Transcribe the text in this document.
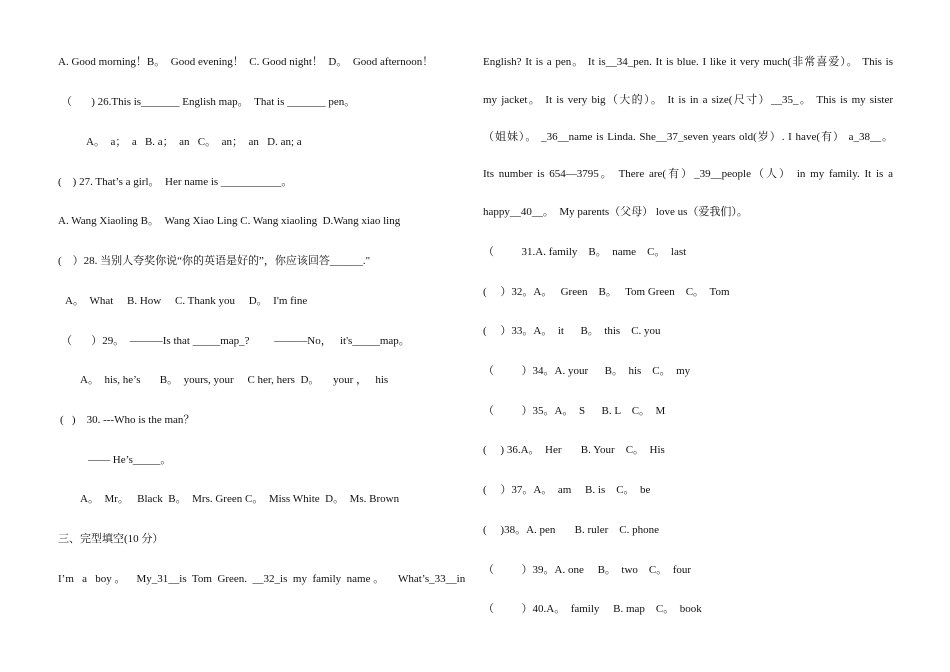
A. Good morning！B。  Good evening！  C. Good night！  D。  Good afternoon！
（       ) 26.This is_______ English map。  That is _______ pen。
A。  a；  a   B. a；  an   C。  an；  an   D. an; a
(    ) 27. That’s a girl。  Her name is ___________。
A. Wang Xiaoling B。  Wang Xiao Ling C. Wang xiaoling  D.Wang xiao ling
(    ）28. 当别人夸奖你说“你的英语是好的”，你应该回答______."
A。  What     B. How     C. Thank you     D。  I'm fine
（       ）29。  ———Is that _____map_?         ———No，   it's_____map。
A。  his, he’s       B。  yours, your     C her, hers  D。     your ，   his
(   )    30. ---Who is the man？
—— He’s_____。
A。  Mr。   Black  B。  Mrs. Green C。  Miss White  D。  Ms. Brown
三、完型填空(10 分）
I’m   a   boy 。    My_31__is  Tom  Green.  __32_is  my  family  name 。     What’s_33__in
English? It is a pen。 It is__34_pen. It is blue. I like it very much(非常喜爱）。 This is
my jacket。 It is very big（大的）。 It is in a size(尺寸）__35_。 This is my sister
（姐妹）。 _36__name is Linda. She__37_seven years old(岁）. I have(有） a_38__。
Its number is 654—3795。 There are(有）_39__people（人） in my family. It is a
happy__40__。  My parents（父母） love us（爱我们）。
（          31.A. family    B。  name    C。  last
(     ）32。A。   Green    B。   Tom Green    C。  Tom
(     ）33。A。  it      B。  this    C. you
（          ）34。A. your      B。  his    C。  my
（          ）35。A。  S      B. L    C。  M
(     ) 36.A。  Her       B. Your    C。  His
(     ）37。A。  am     B. is    C。  be
(     )38。A. pen       B. ruler    C. phone
（          ）39。A. one     B。  two    C。  four
（          ）40.A。  family     B. map    C。  book
